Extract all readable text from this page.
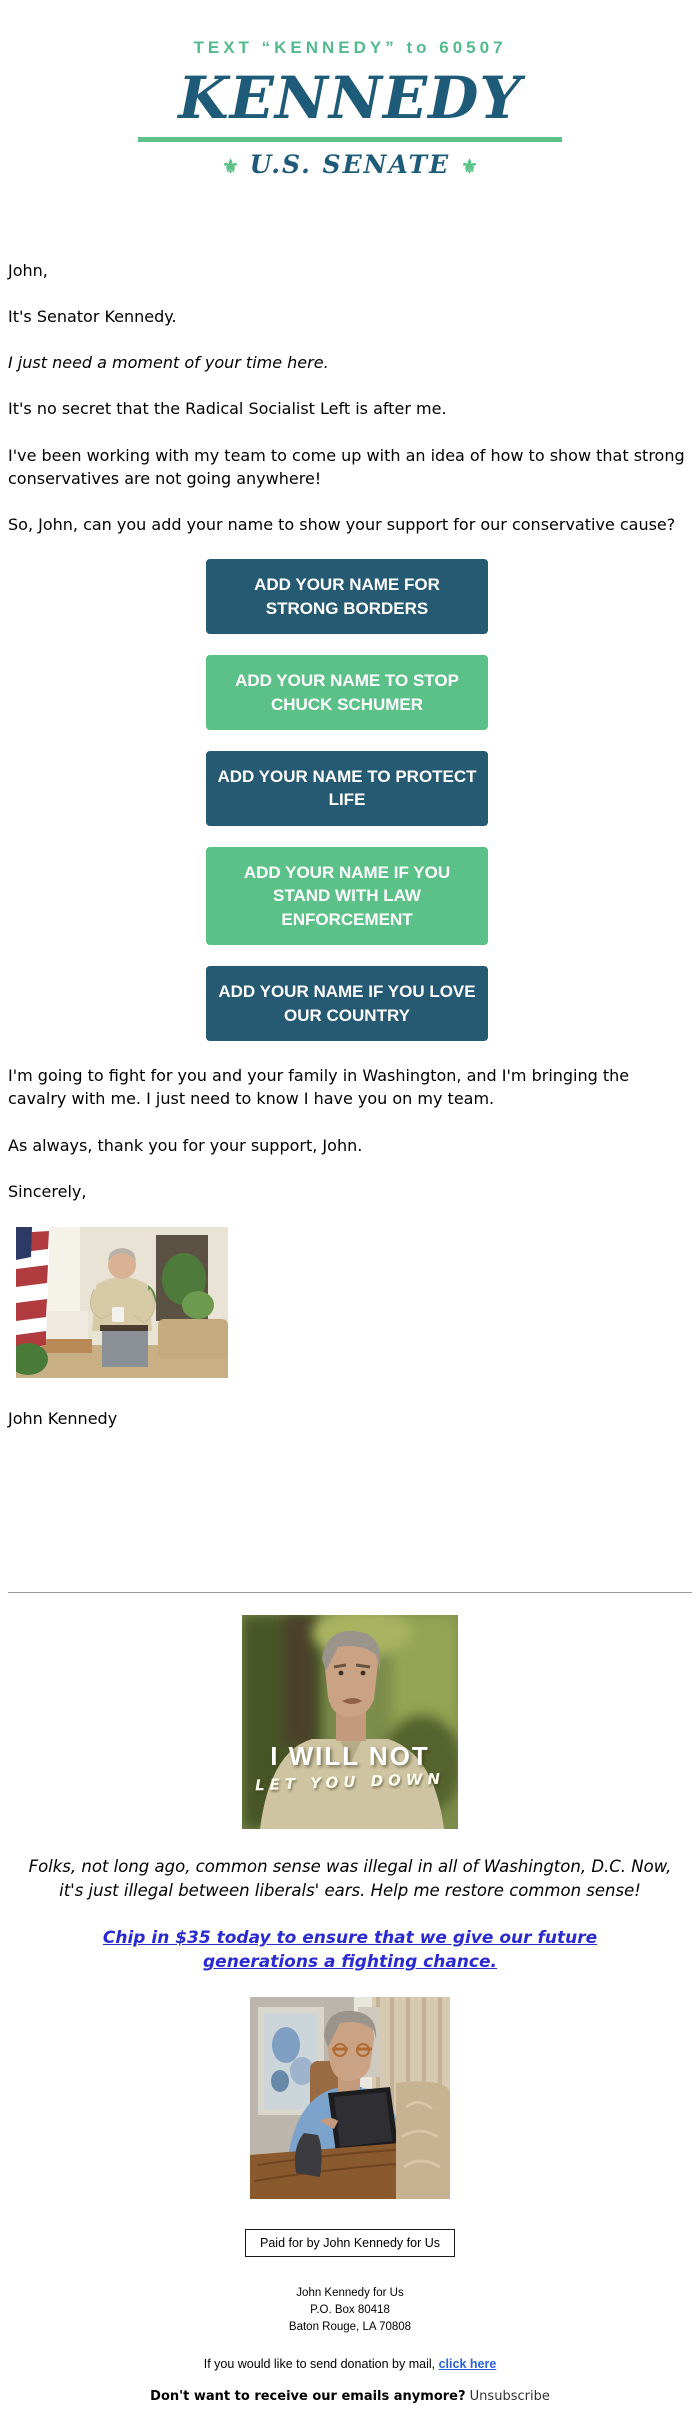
TEXT “KENNEDY” to 60507
KENNEDY
⚜ U.S. SENATE ⚜

John,

It's Senator Kennedy.

I just need a moment of your time here.

It's no secret that the Radical Socialist Left is after me.

I've been working with my team to come up with an idea of how to show that strong conservatives are not going anywhere!

So, John, can you add your name to show your support for our conservative cause?

ADD YOUR NAME FOR STRONG BORDERS
ADD YOUR NAME TO STOP CHUCK SCHUMER
ADD YOUR NAME TO PROTECT LIFE
ADD YOUR NAME IF YOU STAND WITH LAW ENFORCEMENT
ADD YOUR NAME IF YOU LOVE OUR COUNTRY

I'm going to fight for you and your family in Washington, and I'm bringing the cavalry with me. I just need to know I have you on my team.

As always, thank you for your support, John.

Sincerely,

John Kennedy

I WILL NOT
LET YOU DOWN
Folks, not long ago, common sense was illegal in all of Washington, D.C. Now, it's just illegal between liberals' ears. Help me restore common sense!
Chip in $35 today to ensure that we give our future generations a fighting chance.
Paid for by John Kennedy for Us
John Kennedy for Us
P.O. Box 80418
Baton Rouge, LA 70808
If you would like to send donation by mail, click here
Don't want to receive our emails anymore? Unsubscribe
